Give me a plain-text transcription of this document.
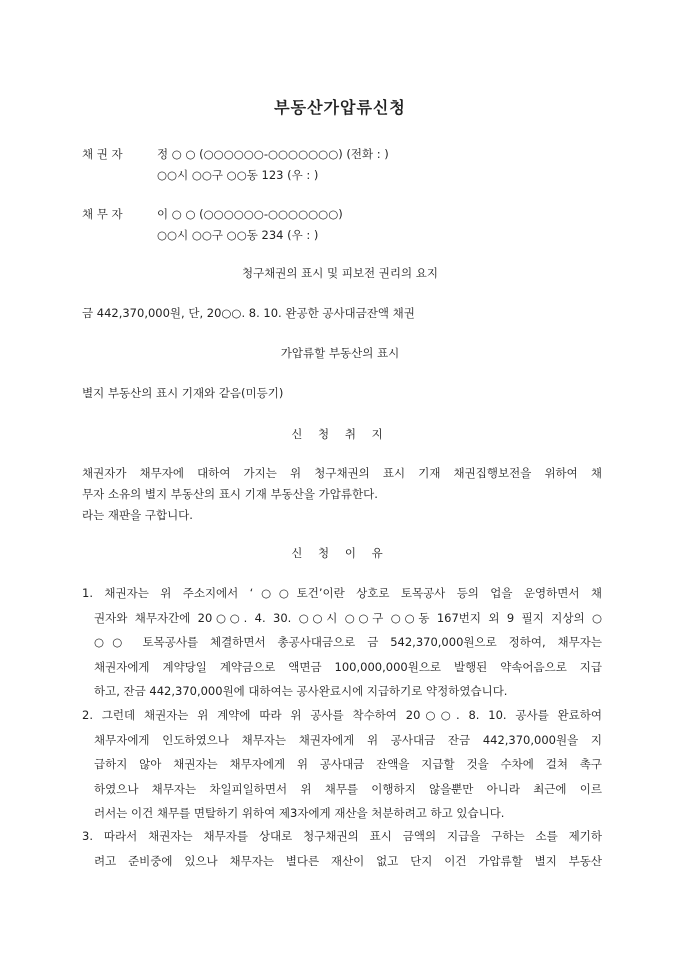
부동산가압류신청
채 권 자	정 ○ ○ (○○○○○○-○○○○○○○) (전화 : )
○○시 ○○구 ○○동 123 (우 : )
채 무 자	이 ○ ○ (○○○○○○-○○○○○○○)
○○시 ○○구 ○○동 234 (우 : )
청구채권의 표시 및 피보전 권리의 요지
금 442,370,000원, 단, 20○○. 8. 10. 완공한 공사대금잔액 채권
가압류할 부동산의 표시
별지 부동산의 표시 기재와 같음(미등기)
신 청 취 지
채권자가 채무자에 대하여 가지는 위 청구채권의 표시 기재 채권집행보전을 위하여 채
무자 소유의 별지 부동산의 표시 기재 부동산을 가압류한다.
라는 재판을 구합니다.
신 청 이 유
1. 채권자는 위 주소지에서 ‘○○토건’이란 상호로 토목공사 등의 업을 운영하면서 채
권자와 채무자간에 20○○. 4. 30. ○○시 ○○구 ○○동 167번지 외 9 필지 지상의 ○
○○ 토목공사를 체결하면서 총공사대금으로 금 542,370,000원으로 정하여, 채무자는
채권자에게 계약당일 계약금으로 액면금 100,000,000원으로 발행된 약속어음으로 지급
하고, 잔금 442,370,000원에 대하여는 공사완료시에 지급하기로 약정하였습니다.
2. 그런데 채권자는 위 계약에 따라 위 공사를 착수하여 20○○. 8. 10. 공사를 완료하여
채무자에게 인도하였으나 채무자는 채권자에게 위 공사대금 잔금 442,370,000원을 지
급하지 않아 채권자는 채무자에게 위 공사대금 잔액을 지급할 것을 수차에 걸쳐 촉구
하였으나 채무자는 차일피일하면서 위 채무를 이행하지 않을뿐만 아니라 최근에 이르
러서는 이건 채무를 면탈하기 위하여 제3자에게 재산을 처분하려고 하고 있습니다.
3. 따라서 채권자는 채무자를 상대로 청구채권의 표시 금액의 지급을 구하는 소를 제기하
려고 준비중에 있으나 채무자는 별다른 재산이 없고 단지 이건 가압류할 별지 부동산
